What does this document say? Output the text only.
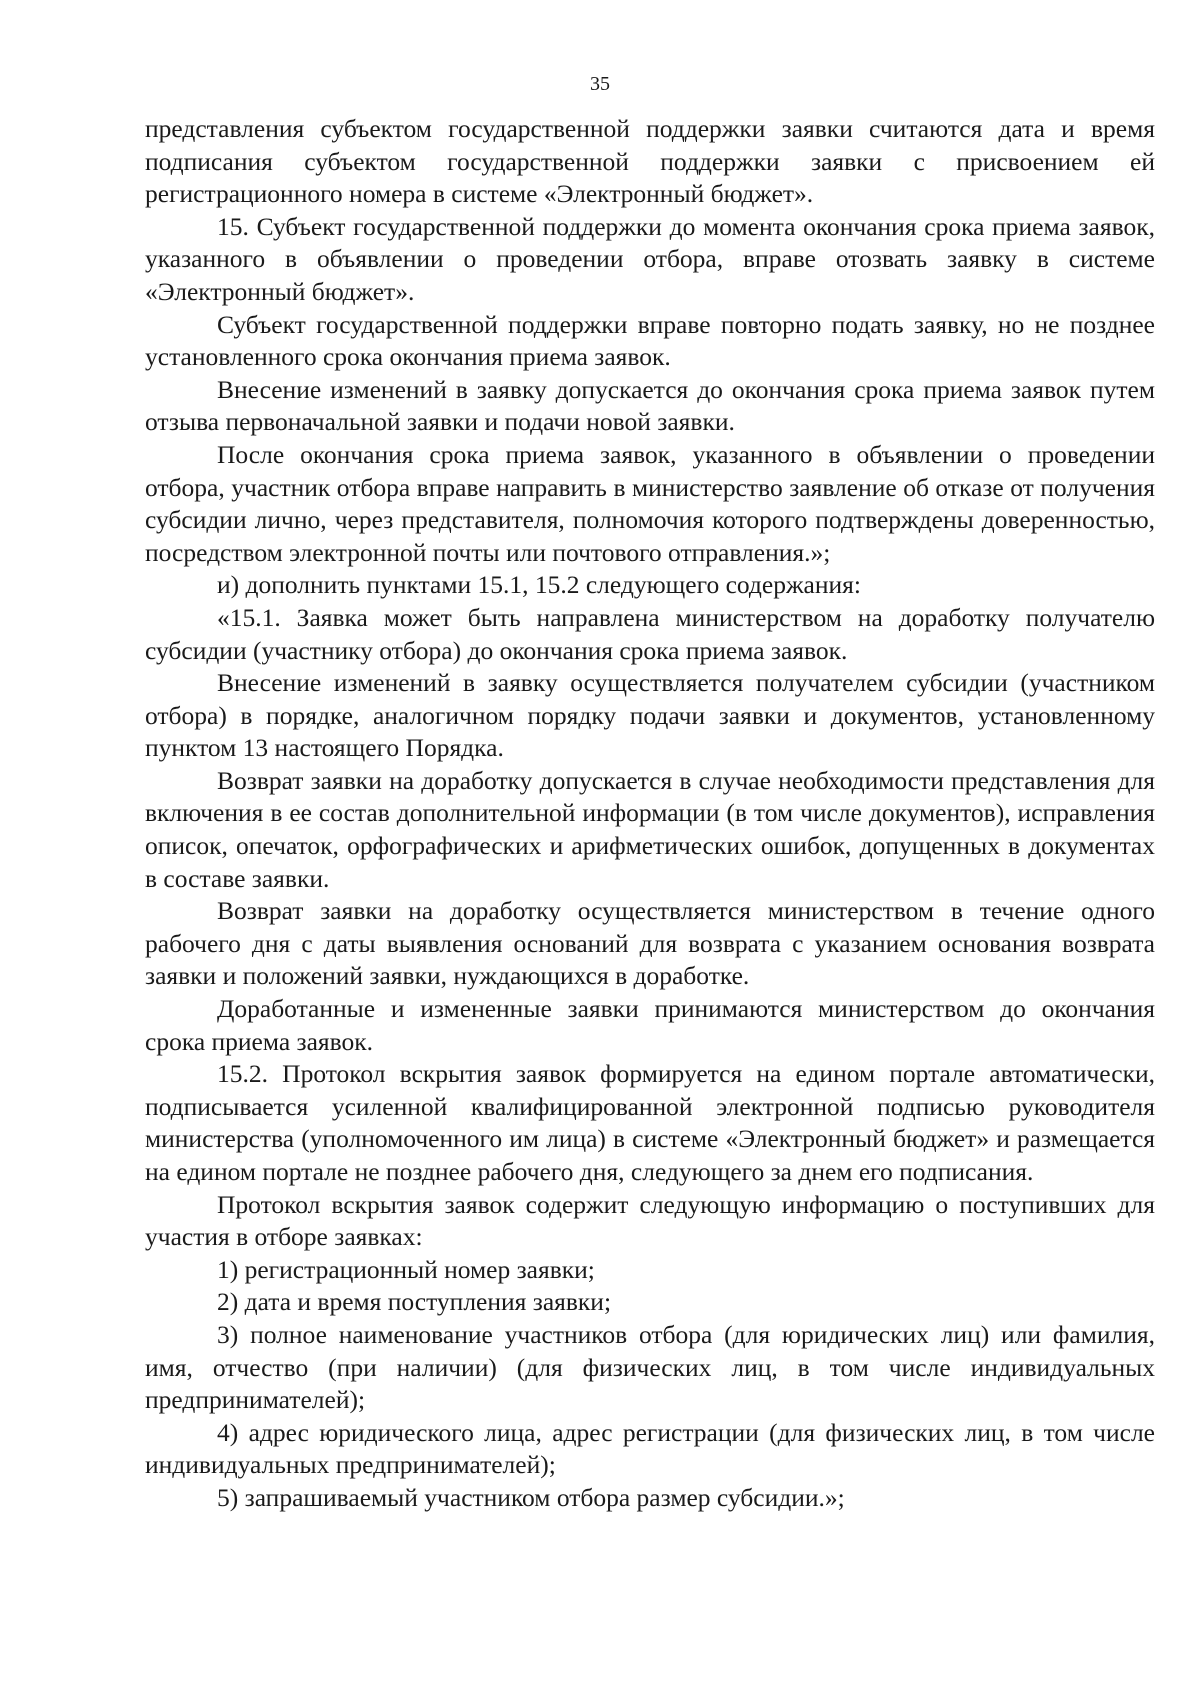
35

представления субъектом государственной поддержки заявки считаются дата и время подписания субъектом государственной поддержки заявки с присвоением ей регистрационного номера в системе «Электронный бюджет».

15. Субъект государственной поддержки до момента окончания срока приема заявок, указанного в объявлении о проведении отбора, вправе отозвать заявку в системе «Электронный бюджет».

Субъект государственной поддержки вправе повторно подать заявку, но не позднее установленного срока окончания приема заявок.

Внесение изменений в заявку допускается до окончания срока приема заявок путем отзыва первоначальной заявки и подачи новой заявки.

После окончания срока приема заявок, указанного в объявлении о проведении отбора, участник отбора вправе направить в министерство заявление об отказе от получения субсидии лично, через представителя, полномочия которого подтверждены доверенностью, посредством электронной почты или почтового отправления.»;

и) дополнить пунктами 15.1, 15.2 следующего содержания:

«15.1. Заявка может быть направлена министерством на доработку получателю субсидии (участнику отбора) до окончания срока приема заявок.

Внесение изменений в заявку осуществляется получателем субсидии (участником отбора) в порядке, аналогичном порядку подачи заявки и документов, установленному пунктом 13 настоящего Порядка.

Возврат заявки на доработку допускается в случае необходимости представления для включения в ее состав дополнительной информации (в том числе документов), исправления описок, опечаток, орфографических и арифметических ошибок, допущенных в документах в составе заявки.

Возврат заявки на доработку осуществляется министерством в течение одного рабочего дня с даты выявления оснований для возврата с указанием основания возврата заявки и положений заявки, нуждающихся в доработке.

Доработанные и измененные заявки принимаются министерством до окончания срока приема заявок.

15.2. Протокол вскрытия заявок формируется на едином портале автоматически, подписывается усиленной квалифицированной электронной подписью руководителя министерства (уполномоченного им лица) в системе «Электронный бюджет» и размещается на едином портале не позднее рабочего дня, следующего за днем его подписания.

Протокол вскрытия заявок содержит следующую информацию о поступивших для участия в отборе заявках:

1) регистрационный номер заявки;

2) дата и время поступления заявки;

3) полное наименование участников отбора (для юридических лиц) или фамилия, имя, отчество (при наличии) (для физических лиц, в том числе индивидуальных предпринимателей);

4) адрес юридического лица, адрес регистрации (для физических лиц, в том числе индивидуальных предпринимателей);

5) запрашиваемый участником отбора размер субсидии.»;
